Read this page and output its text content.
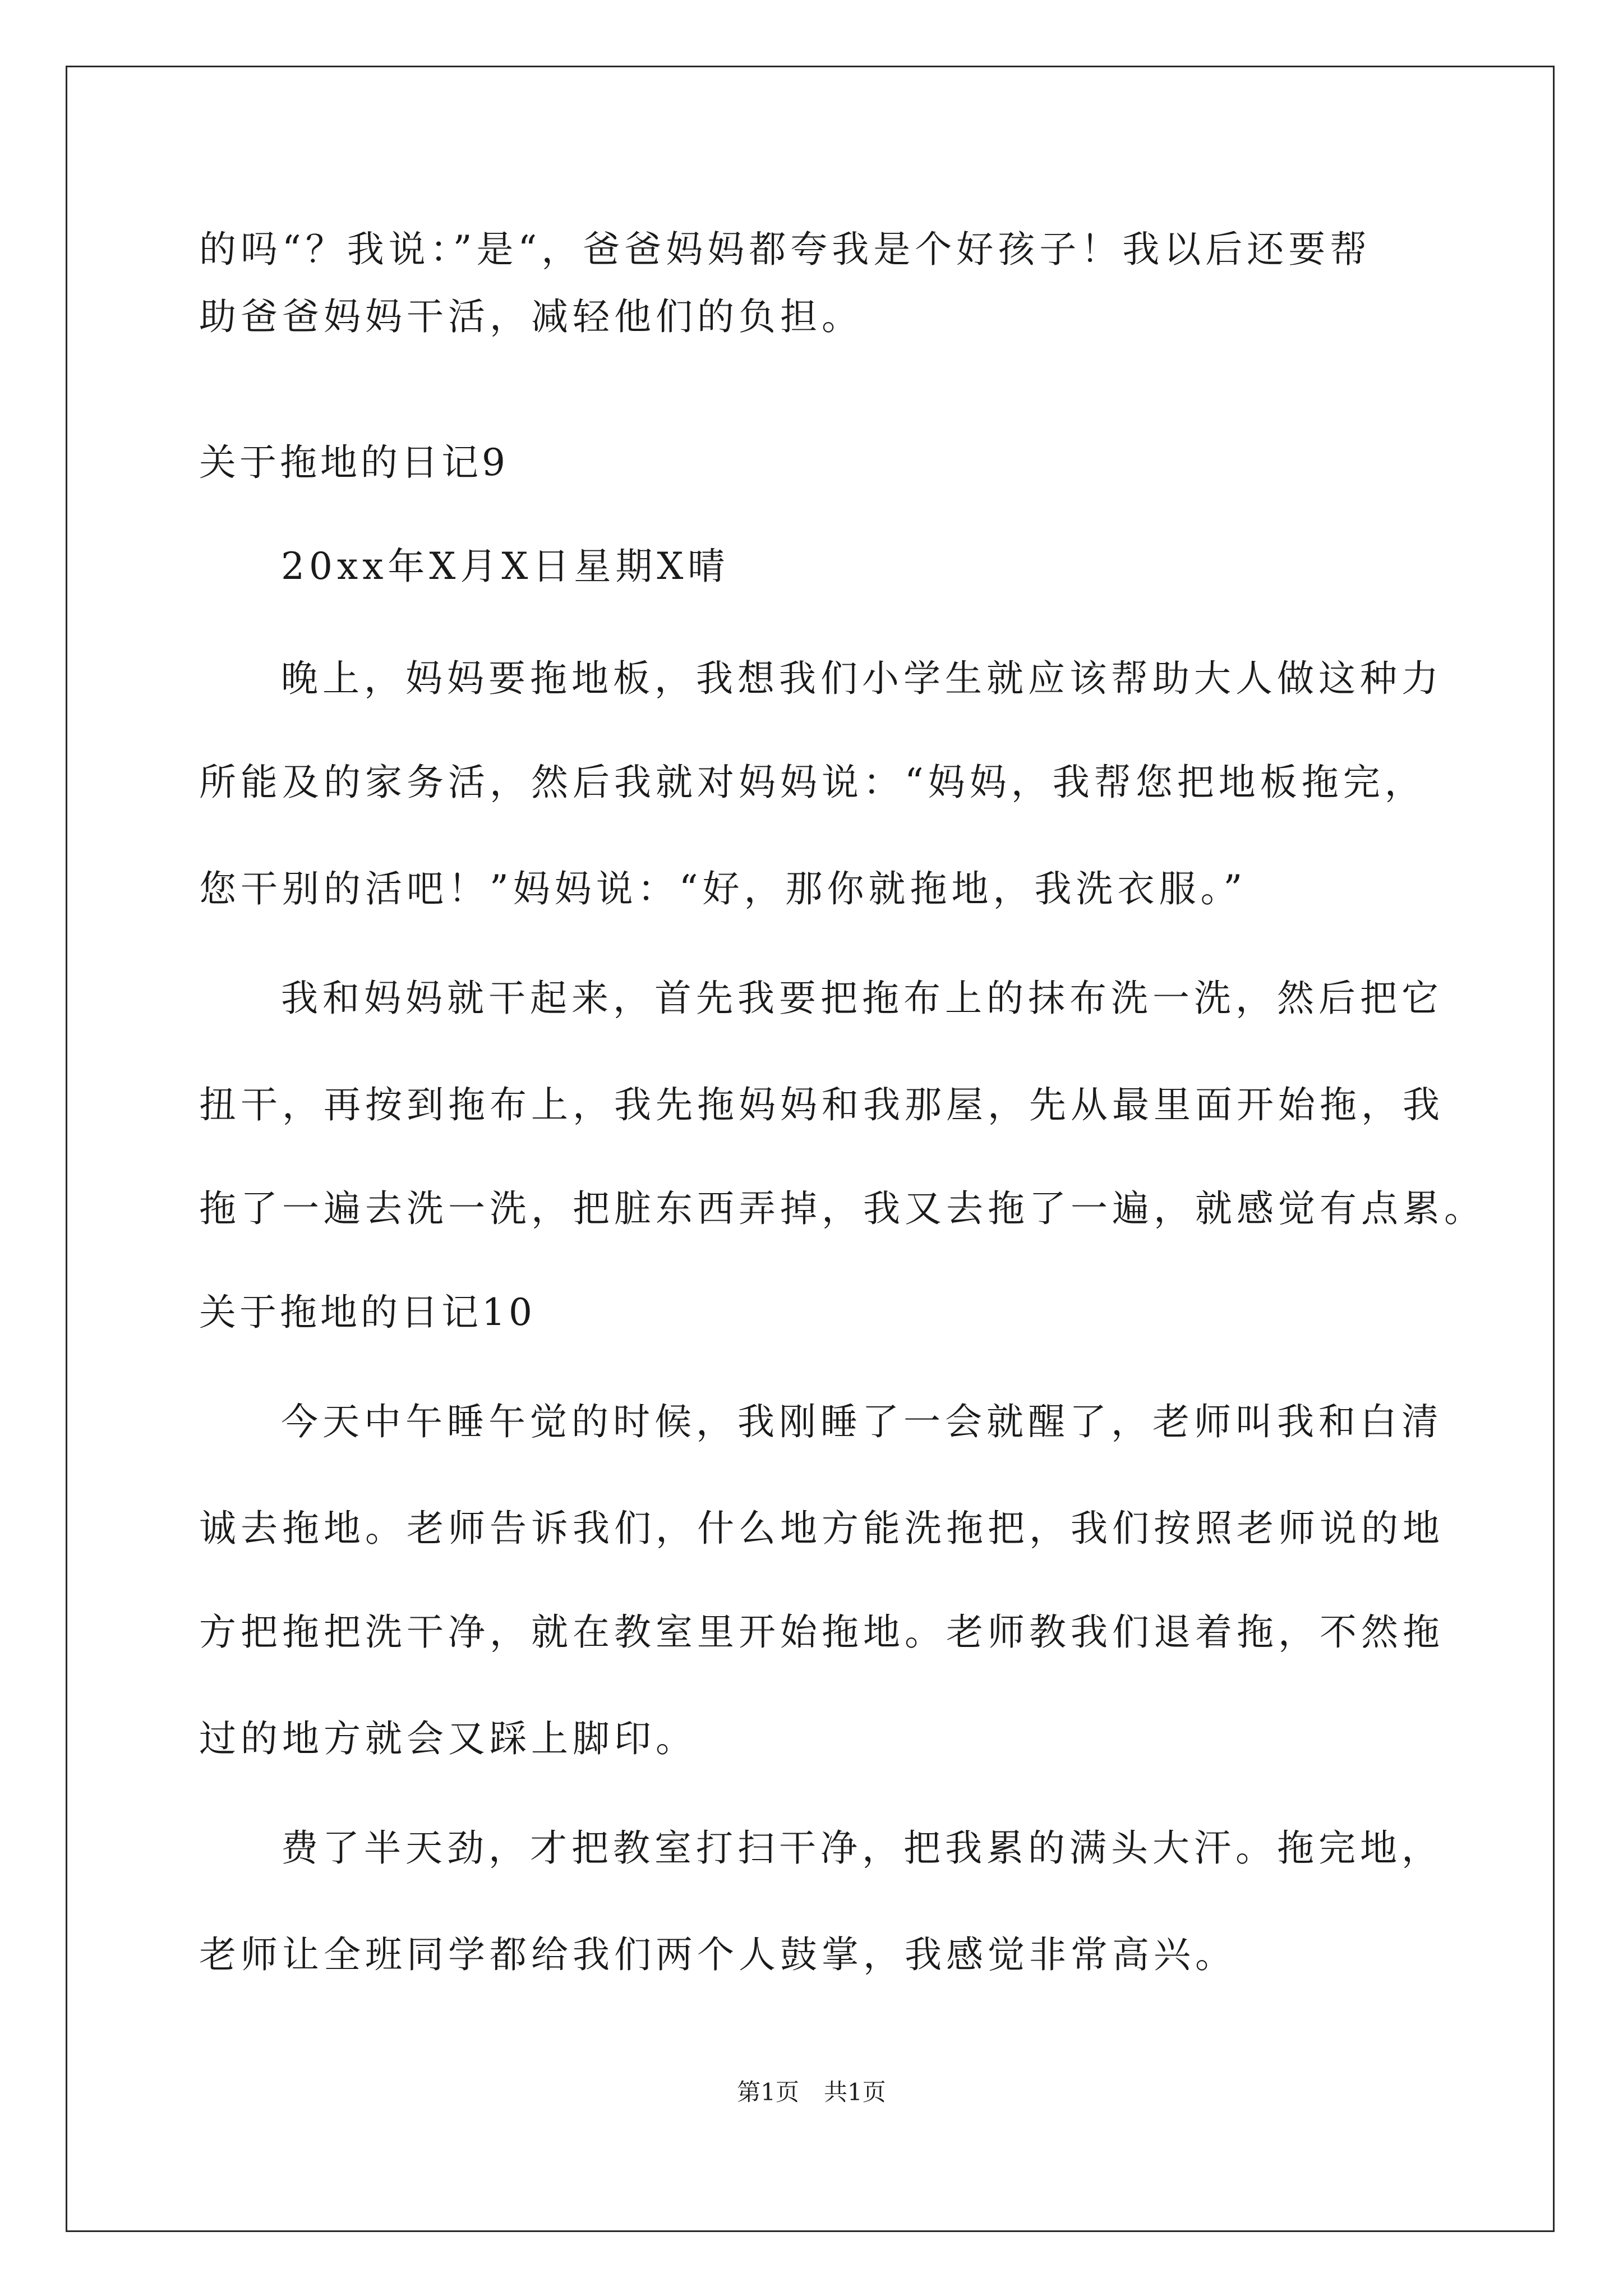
的吗“？我说：”是“，爸爸妈妈都夸我是个好孩子！我以后还要帮
助爸爸妈妈干活，减轻他们的负担。
关于拖地的日记9
20xx年X月X日星期X晴
晚上，妈妈要拖地板，我想我们小学生就应该帮助大人做这种力
所能及的家务活，然后我就对妈妈说：“妈妈，我帮您把地板拖完，
您干别的活吧！”妈妈说：“好，那你就拖地，我洗衣服。”
我和妈妈就干起来，首先我要把拖布上的抹布洗一洗，然后把它
扭干，再按到拖布上，我先拖妈妈和我那屋，先从最里面开始拖，我
拖了一遍去洗一洗，把脏东西弄掉，我又去拖了一遍，就感觉有点累。
关于拖地的日记10
今天中午睡午觉的时候，我刚睡了一会就醒了，老师叫我和白清
诚去拖地。老师告诉我们，什么地方能洗拖把，我们按照老师说的地
方把拖把洗干净，就在教室里开始拖地。老师教我们退着拖，不然拖
过的地方就会又踩上脚印。
费了半天劲，才把教室打扫干净，把我累的满头大汗。拖完地，
老师让全班同学都给我们两个人鼓掌，我感觉非常高兴。
第1页 共1页
